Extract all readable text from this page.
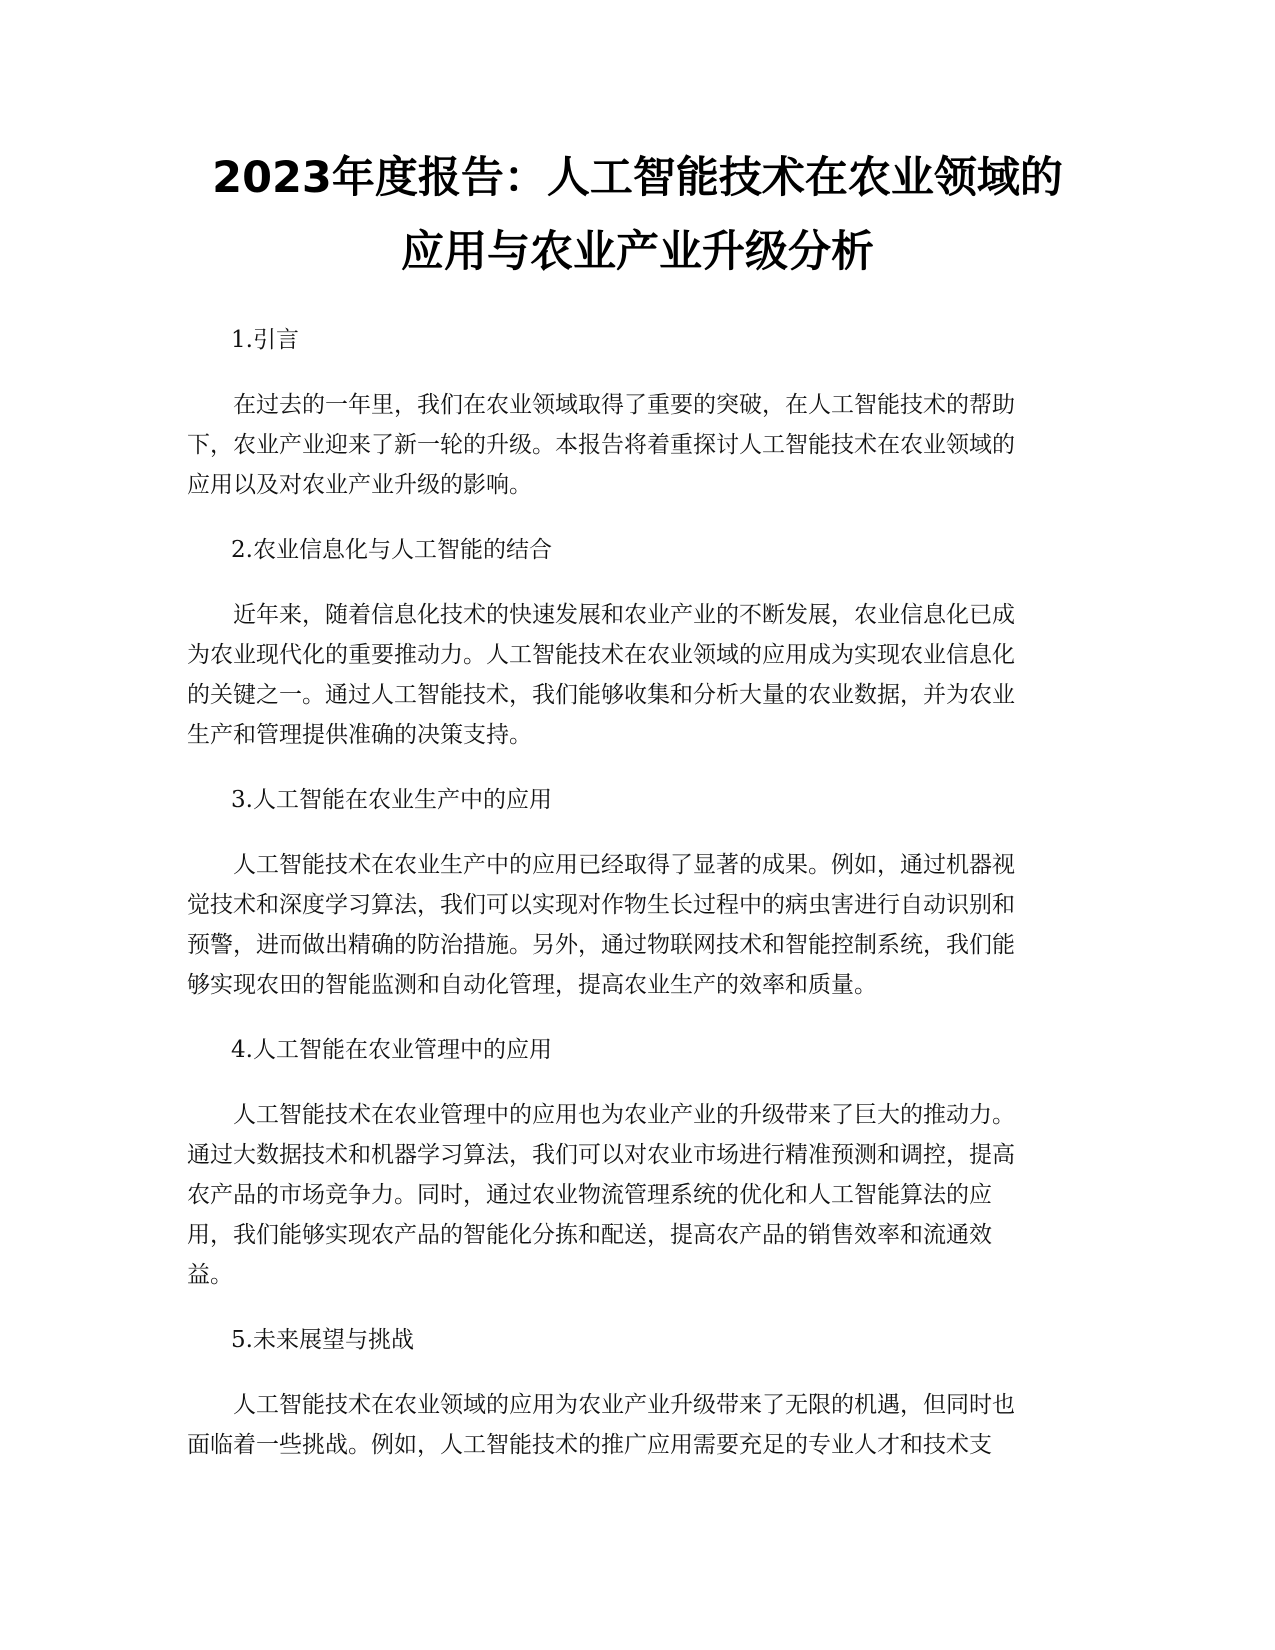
2023年度报告：人工智能技术在农业领域的
应用与农业产业升级分析

1.引言

在过去的一年里，我们在农业领域取得了重要的突破，在人工智能技术的帮助
下，农业产业迎来了新一轮的升级。本报告将着重探讨人工智能技术在农业领域的
应用以及对农业产业升级的影响。

2.农业信息化与人工智能的结合

近年来，随着信息化技术的快速发展和农业产业的不断发展，农业信息化已成
为农业现代化的重要推动力。人工智能技术在农业领域的应用成为实现农业信息化
的关键之一。通过人工智能技术，我们能够收集和分析大量的农业数据，并为农业
生产和管理提供准确的决策支持。

3.人工智能在农业生产中的应用

人工智能技术在农业生产中的应用已经取得了显著的成果。例如，通过机器视
觉技术和深度学习算法，我们可以实现对作物生长过程中的病虫害进行自动识别和
预警，进而做出精确的防治措施。另外，通过物联网技术和智能控制系统，我们能
够实现农田的智能监测和自动化管理，提高农业生产的效率和质量。

4.人工智能在农业管理中的应用

人工智能技术在农业管理中的应用也为农业产业的升级带来了巨大的推动力。
通过大数据技术和机器学习算法，我们可以对农业市场进行精准预测和调控，提高
农产品的市场竞争力。同时，通过农业物流管理系统的优化和人工智能算法的应
用，我们能够实现农产品的智能化分拣和配送，提高农产品的销售效率和流通效
益。

5.未来展望与挑战

人工智能技术在农业领域的应用为农业产业升级带来了无限的机遇，但同时也
面临着一些挑战。例如，人工智能技术的推广应用需要充足的专业人才和技术支
